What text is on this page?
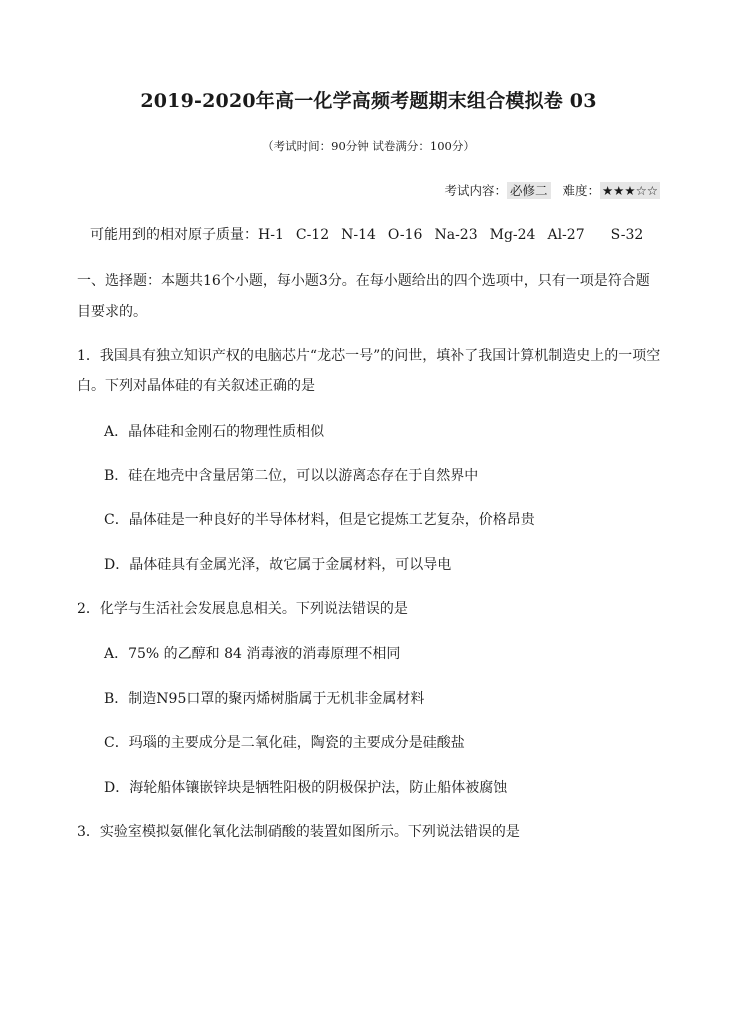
2019-2020年高一化学高频考题期末组合模拟卷 03
（考试时间：90分钟 试卷满分：100分）
考试内容： 必修二 难度： ★★★☆☆
可能用到的相对原子质量：H-1 C-12 N-14 O-16 Na-23 Mg-24 Al-27 S-32
一、选择题：本题共16个小题，每小题3分。在每小题给出的四个选项中，只有一项是符合题
目要求的。
1．我国具有独立知识产权的电脑芯片“龙芯一号”的问世，填补了我国计算机制造史上的一项空
白。下列对晶体硅的有关叙述正确的是
A．晶体硅和金刚石的物理性质相似
B．硅在地壳中含量居第二位，可以以游离态存在于自然界中
C．晶体硅是一种良好的半导体材料，但是它提炼工艺复杂，价格昂贵
D．晶体硅具有金属光泽，故它属于金属材料，可以导电
2．化学与生活社会发展息息相关。下列说法错误的是
A．75% 的乙醇和 84 消毒液的消毒原理不相同
B．制造N95口罩的聚丙烯树脂属于无机非金属材料
C．玛瑙的主要成分是二氧化硅，陶瓷的主要成分是硅酸盐
D．海轮船体镶嵌锌块是牺牲阳极的阴极保护法，防止船体被腐蚀
3．实验室模拟氨催化氧化法制硝酸的装置如图所示。下列说法错误的是
